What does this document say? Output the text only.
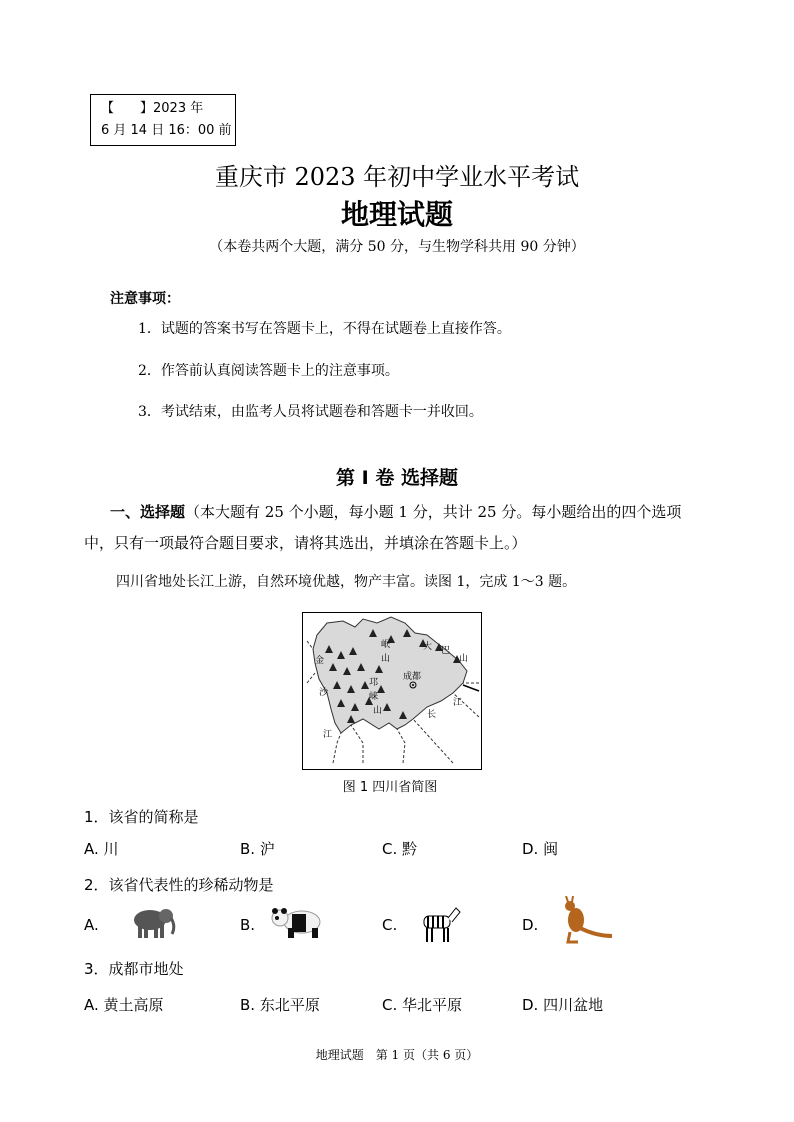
【　　】2023 年
6 月 14 日 16：00 前
重庆市 2023 年初中学业水平考试
地理试题
（本卷共两个大题，满分 50 分，与生物学科共用 90 分钟）
注意事项：
1．试题的答案书写在答题卡上，不得在试题卷上直接作答。
2．作答前认真阅读答题卡上的注意事项。
3．考试结束，由监考人员将试题卷和答题卡一并收回。
第 I 卷 选择题
一、选择题（本大题有 25 个小题，每小题 1 分，共计 25 分。每小题给出的四个选项中，只有一项最符合题目要求，请将其选出，并填涂在答题卡上。）
四川省地处长江上游，自然环境优越，物产丰富。读图 1，完成 1～3 题。
金
沙
江
岷
山
邛
崃
山
成都
大 巴
山
长
江
图 1 四川省简图
1．该省的简称是
A. 川	B. 沪	C. 黔	D. 闽
2．该省代表性的珍稀动物是
A.	B.	C.	D.
3．成都市地处
A. 黄土高原	B. 东北平原	C. 华北平原	D. 四川盆地
地理试题　第 1 页（共 6 页）
